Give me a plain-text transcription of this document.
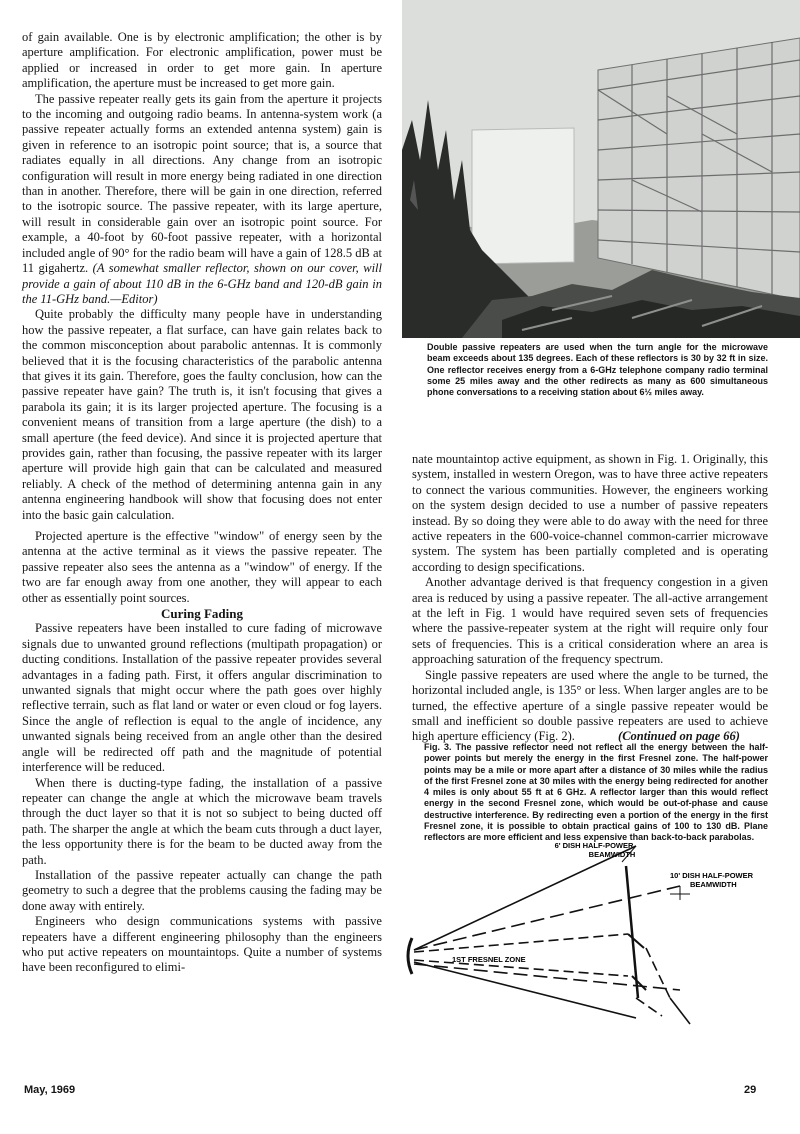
of gain available. One is by electronic amplification; the other is by aperture amplification. For electronic amplification, power must be applied or increased in order to get more gain. In aperture amplification, the aperture must be increased to get more gain.

The passive repeater really gets its gain from the aperture it projects to the incoming and outgoing radio beams. In antenna-system work (a passive repeater actually forms an extended antenna system) gain is given in reference to an isotropic point source; that is, a source that radiates equally in all directions. Any change from an isotropic configuration will result in more energy being radiated in one direction than in another. Therefore, there will be gain in one direction, referred to the isotropic source. The passive repeater, with its large aperture, will result in considerable gain over an isotropic point source. For example, a 40-foot by 60-foot passive repeater, with a horizontal included angle of 90° for the radio beam will have a gain of 128.5 dB at 11 gigahertz. (A somewhat smaller reflector, shown on our cover, will provide a gain of about 110 dB in the 6-GHz band and 120-dB gain in the 11-GHz band.—Editor)

Quite probably the difficulty many people have in understanding how the passive repeater, a flat surface, can have gain relates back to the common misconception about parabolic antennas. It is commonly believed that it is the focusing characteristics of the parabolic antenna that gives it its gain. Therefore, goes the faulty conclusion, how can the passive repeater have gain? The truth is, it isn't focusing that gives a parabola its gain; it is its larger projected aperture. The focusing is a convenient means of transition from a large aperture (the dish) to a small aperture (the feed device). And since it is projected aperture that provides gain, rather than focusing, the passive repeater with its larger aperture will provide high gain that can be calculated and measured reliably. A check of the method of determining antenna gain in any antenna engineering handbook will show that focusing does not enter into the basic gain calculation.

Projected aperture is the effective "window" of energy seen by the antenna at the active terminal as it views the passive repeater. The passive repeater also sees the antenna as a "window" of energy. If the two are far enough away from one another, they will appear to each other as essentially point sources.

Curing Fading

Passive repeaters have been installed to cure fading of microwave signals due to unwanted ground reflections (multipath propagation) or ducting conditions. Installation of the passive repeater provides several advantages in a fading path. First, it offers angular discrimination to unwanted signals that might occur where the path goes over highly reflective terrain, such as flat land or water or even cloud or fog layers. Since the angle of reflection is equal to the angle of incidence, any unwanted signals being received from an angle other than the desired angle will be redirected off path and the magnitude of potential interference will be reduced.

When there is ducting-type fading, the installation of a passive repeater can change the angle at which the microwave beam travels through the duct layer so that it is not so subject to being ducted off path. The sharper the angle at which the beam cuts through a duct layer, the less opportunity there is for the beam to be ducted away from the path.

Installation of the passive repeater actually can change the path geometry to such a degree that the problems causing the fading may be done away with entirely.

Engineers who design communications systems with passive repeaters have a different engineering philosophy than the engineers who put active repeaters on mountaintops. Quite a number of systems have been reconfigured to elimi-

Double passive repeaters are used when the turn angle for the microwave beam exceeds about 135 degrees. Each of these reflectors is 30 by 32 ft in size. One reflector receives energy from a 6-GHz telephone company radio terminal some 25 miles away and the other redirects as many as 600 simultaneous phone conversations to a receiving station about 6½ miles away.

nate mountaintop active equipment, as shown in Fig. 1. Originally, this system, installed in western Oregon, was to have three active repeaters to connect the various communities. However, the engineers working on the system design decided to use a number of passive repeaters instead. By so doing they were able to do away with the need for three active repeaters in the 600-voice-channel common-carrier microwave system. The system has been partially completed and is operating according to design specifications.

Another advantage derived is that frequency congestion in a given area is reduced by using a passive repeater. The all-active arrangement at the left in Fig. 1 would have required seven sets of frequencies where the passive-repeater system at the right will require only four sets of frequencies. This is a critical consideration where an area is approaching saturation of the frequency spectrum.

Single passive repeaters are used where the angle to be turned, the horizontal included angle, is 135° or less. When larger angles are to be turned, the effective aperture of a single passive repeater would be small and inefficient so double passive repeaters are used to achieve high aperture efficiency (Fig. 2).	(Continued on page 66)

Fig. 3. The passive reflector need not reflect all the energy between the half-power points but merely the energy in the first Fresnel zone. The half-power points may be a mile or more apart after a distance of 30 miles while the radius of the first Fresnel zone at 30 miles with the energy being redirected for another 4 miles is only about 55 ft at 6 GHz. A reflector larger than this would reflect energy in the second Fresnel zone, which would be out-of-phase and cause destructive interference. By redirecting even a portion of the energy in the first Fresnel zone, it is possible to obtain practical gains of 100 to 130 dB. Plane reflectors are more efficient and less expensive than back-to-back parabolas.
6' DISH HALF-POWER
BEAMWIDTH
10' DISH HALF-POWER
BEAMWIDTH
1ST FRESNEL ZONE
May, 1969	29
